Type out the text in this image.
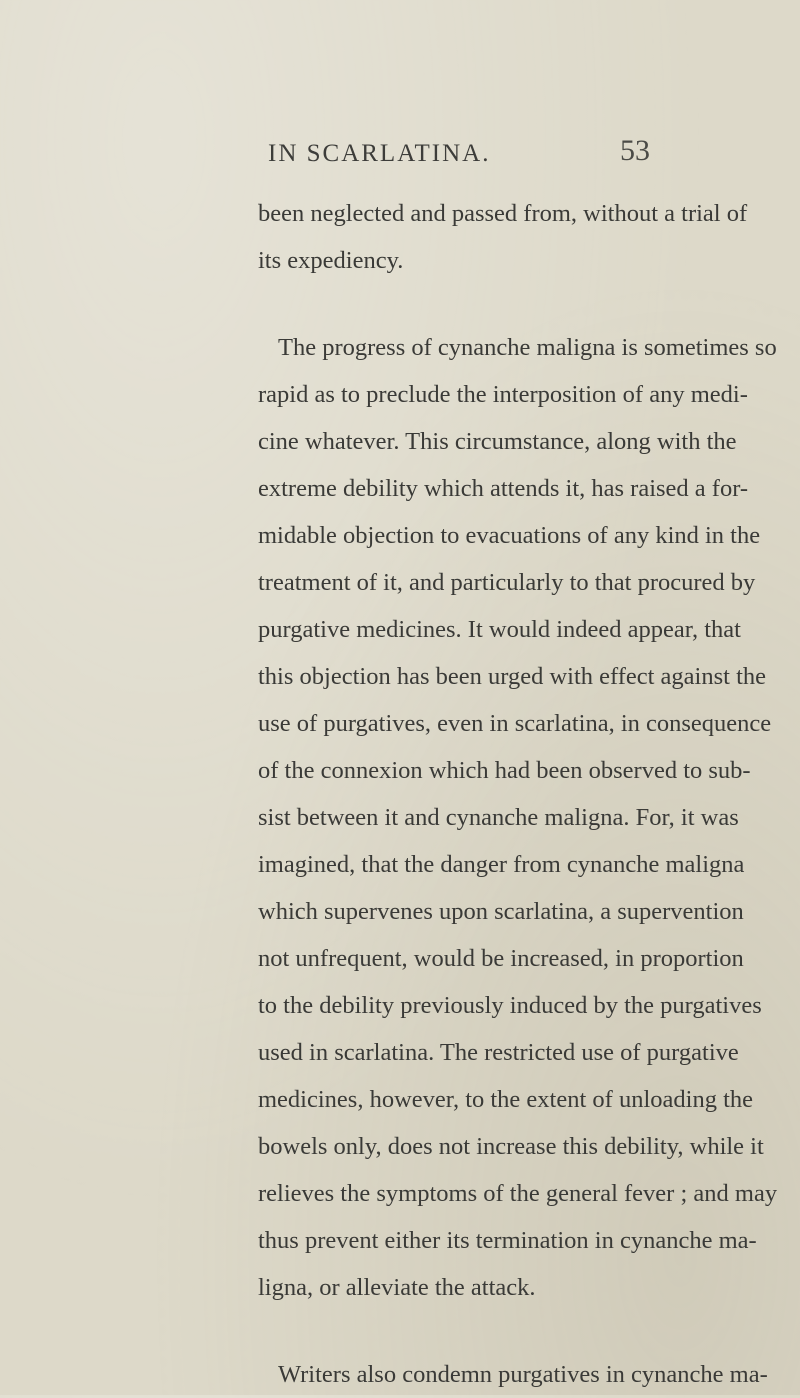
IN SCARLATINA.	53
been neglected and passed from, without a trial of
its expediency.
The progress of cynanche maligna is sometimes so
rapid as to preclude the interposition of any medi-
cine whatever. This circumstance, along with the
extreme debility which attends it, has raised a for-
midable objection to evacuations of any kind in the
treatment of it, and particularly to that procured by
purgative medicines. It would indeed appear, that
this objection has been urged with effect against the
use of purgatives, even in scarlatina, in consequence
of the connexion which had been observed to sub-
sist between it and cynanche maligna. For, it was
imagined, that the danger from cynanche maligna
which supervenes upon scarlatina, a supervention
not unfrequent, would be increased, in proportion
to the debility previously induced by the purgatives
used in scarlatina. The restricted use of purgative
medicines, however, to the extent of unloading the
bowels only, does not increase this debility, while it
relieves the symptoms of the general fever ; and may
thus prevent either its termination in cynanche ma-
ligna, or alleviate the attack.
Writers also condemn purgatives in cynanche ma-
